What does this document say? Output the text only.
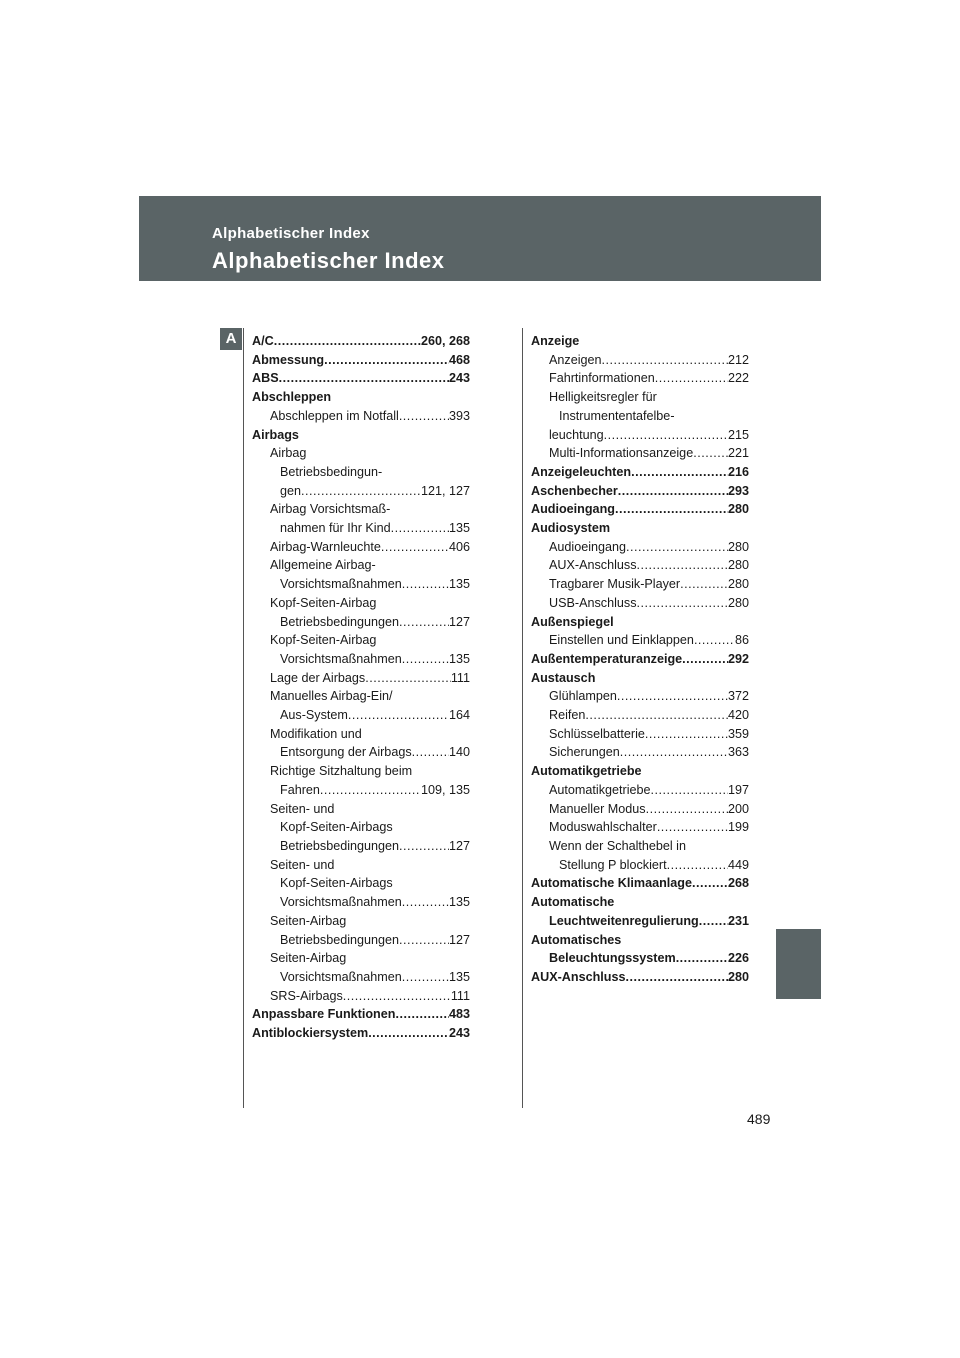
Alphabetischer Index
Alphabetischer Index
A	A/C .....	260, 268
Abmessung .....	468
ABS .....	243
Abschleppen
Abschleppen im Notfall .....	393
Airbags
Airbag
Betriebsbedingun-
gen .....	121, 127
Airbag Vorsichtsmaß-
nahmen für Ihr Kind .....	135
Airbag-Warnleuchte .....	406
Allgemeine Airbag-
Vorsichtsmaßnahmen .....	135
Kopf-Seiten-Airbag
Betriebsbedingungen .....	127
Kopf-Seiten-Airbag
Vorsichtsmaßnahmen .....	135
Lage der Airbags .....	111
Manuelles Airbag-Ein/
Aus-System .....	164
Modifikation und
Entsorgung der Airbags .....	140
Richtige Sitzhaltung beim
Fahren .....	109, 135
Seiten- und
Kopf-Seiten-Airbags
Betriebsbedingungen .....	127
Seiten- und
Kopf-Seiten-Airbags
Vorsichtsmaßnahmen .....	135
Seiten-Airbag
Betriebsbedingungen .....	127
Seiten-Airbag
Vorsichtsmaßnahmen .....	135
SRS-Airbags .....	111
Anpassbare Funktionen .....	483
Antiblockiersystem .....	243
Anzeige
Anzeigen .....	212
Fahrtinformationen .....	222
Helligkeitsregler für
Instrumententafelbe-
leuchtung .....	215
Multi-Informationsanzeige .....	221
Anzeigeleuchten .....	216
Aschenbecher .....	293
Audioeingang .....	280
Audiosystem
Audioeingang .....	280
AUX-Anschluss .....	280
Tragbarer Musik-Player .....	280
USB-Anschluss .....	280
Außenspiegel
Einstellen und Einklappen .....	86
Außentemperaturanzeige .....	292
Austausch
Glühlampen .....	372
Reifen .....	420
Schlüsselbatterie .....	359
Sicherungen .....	363
Automatikgetriebe
Automatikgetriebe .....	197
Manueller Modus .....	200
Moduswahlschalter .....	199
Wenn der Schalthebel in
Stellung P blockiert .....	449
Automatische Klimaanlage .....	268
Automatische
Leuchtweitenregulierung ..... 231
Automatisches
Beleuchtungssystem .....	226
AUX-Anschluss .....	280
489
